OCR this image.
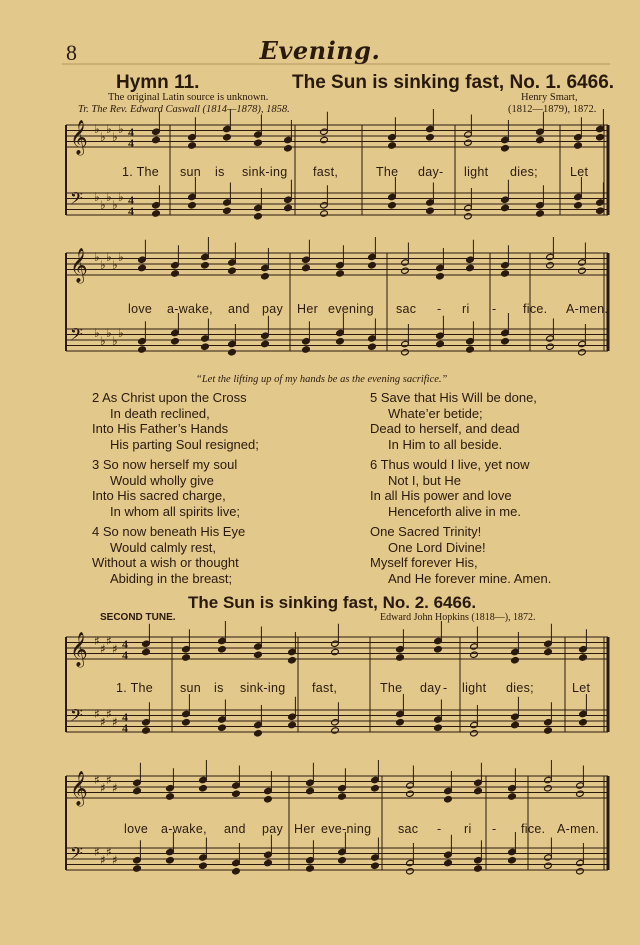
8	Evening.
Hymn 11.	The Sun is sinking fast, No. 1. 6466.
The original Latin source is unknown.
Tr. The Rev. Edward Caswall (1814—1878), 1858.
Henry Smart,
(1812—1879), 1872.
𝄞 ♭
♭
♭
♭
♭
𝄢 ♭
♭
♭
♭
♭
4
4
4
4
𝄞 ♭
♭
♭
♭
♭
𝄢 ♭
♭
♭
♭
♭
𝄞 ♯
♯
♯
♯
𝄢 ♯
♯
♯
♯
4
4
4
4
𝄞 ♯
♯
♯
♯
𝄢 ♯
♯
♯
♯
1. The sun is sink-ing fast,	The day- light dies;	Let
love a-wake, and pay Her evening sac - ri - fice. A-men.
“Let the lifting up of my hands be as the evening sacrifice.”
2 As Christ upon the Cross
In death reclined,
Into His Father’s Hands
His parting Soul resigned;
3 So now herself my soul
Would wholly give
Into His sacred charge,
In whom all spirits live;
4 So now beneath His Eye
Would calmly rest,
Without a wish or thought
Abiding in the breast;
5 Save that His Will be done,
Whate’er betide;
Dead to herself, and dead
In Him to all beside.
6 Thus would I live, yet now
Not I, but He
In all His power and love
Henceforth alive in me.
One Sacred Trinity!
One Lord Divine!
Myself forever His,
And He forever mine. Amen.
The Sun is sinking fast, No. 2. 6466.
SECOND TUNE.	Edward John Hopkins (1818—), 1872.
1. The sun is sink-ing fast,	The day - light dies;	Let
love a-wake, and pay Her eve-ning sac - ri - fice. A-men.
